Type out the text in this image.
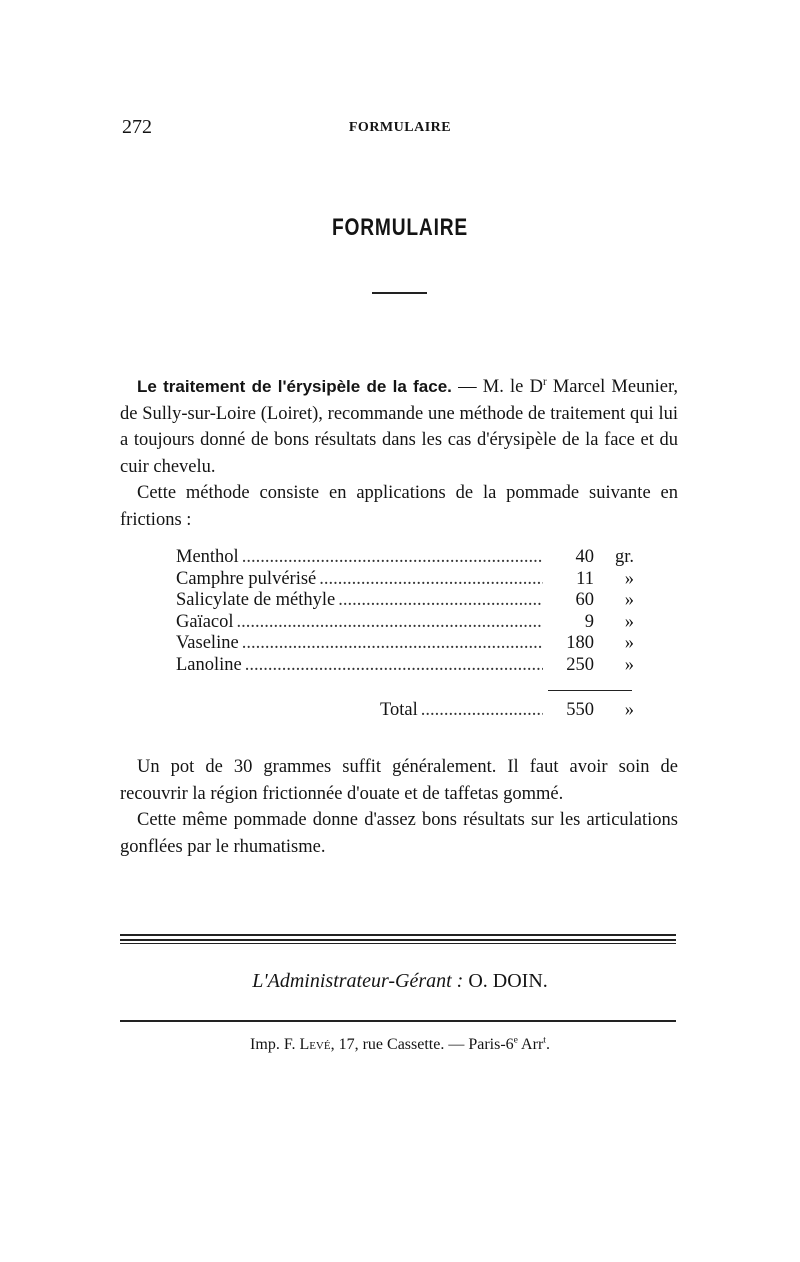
272	FORMULAIRE
FORMULAIRE

Le traitement de l'érysipèle de la face. — M. le $D^r$ Marcel Meunier, de Sully-sur-Loire (Loiret), recommande une méthode de traitement qui lui a toujours donné de bons résultats dans les cas d'érysipèle de la face et du cuir chevelu.

Cette méthode consiste en applications de la pommade suivante en frictions :

Menthol .....	40	gr.
Camphre pulvérisé .....	11	»
Salicylate de méthyle .....	60	»
Gaïacol .....	9	»
Vaseline .....	180	»
Lanoline .....	250	»
Total .....	550	»

Un pot de 30 grammes suffit généralement. Il faut avoir soin de recouvrir la région frictionnée d'ouate et de taffetas gommé.

Cette même pommade donne d'assez bons résultats sur les articulations gonflées par le rhumatisme.

L'Administrateur-Gérant : O. DOIN.
Imp. F. Levé, 17, rue Cassette. — Paris-6e Arr$^t$.
